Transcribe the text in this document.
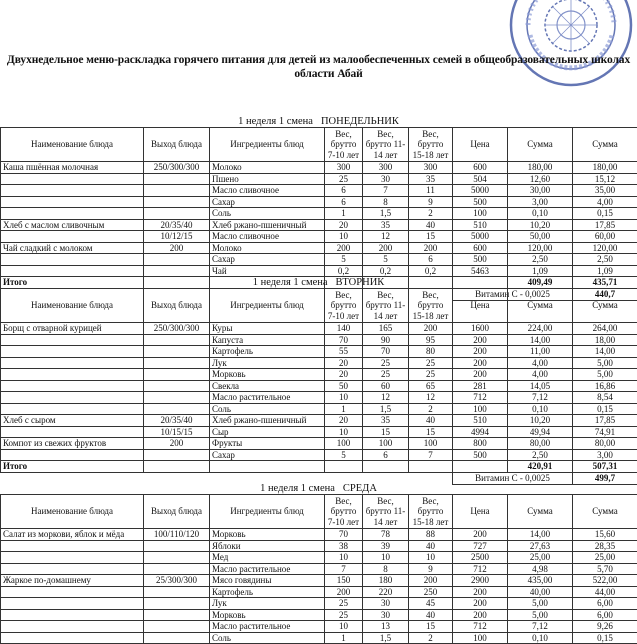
Двухнедельное меню-раскладка горячего питания для детей из малообеспеченных семей в общеобразовательных школах
области Абай
1 неделя 1 смена ПОНЕДЕЛЬНИК
Наименование блюда	Выход блюда	Ингредиенты блюд	Вес, брутто 7-10 лет	Вес, брутто 11-14 лет	Вес, брутто 15-18 лет	Цена	Сумма	Сумма
Каша пшённая молочная	250/300/300	Молоко	300	300	300	600	180,00	180,00
		Пшено	25	30	35	504	12,60	15,12
		Масло сливочное	6	7	11	5000	30,00	35,00
		Сахар	6	8	9	500	3,00	4,00
		Соль	1	1,5	2	100	0,10	0,15
Хлеб с маслом сливочным	20/35/40	Хлеб ржано-пшеничный	20	35	40	510	10,20	17,85
	10/12/15	Масло сливочное	10	12	15	5000	50,00	60,00
Чай сладкий с молоком	200	Молоко	200	200	200	600	120,00	120,00
		Сахар	5	5	6	500	2,50	2,50
		Чай	0,2	0,2	0,2	5463	1,09	1,09
Итого							409,49	435,71
						Витамин С - 0,0025		440,7
1 неделя 1 смена ВТОРНИК
Наименование блюда	Выход блюда	Ингредиенты блюд	Вес, брутто 7-10 лет	Вес, брутто 11-14 лет	Вес, брутто 15-18 лет	Цена	Сумма	Сумма
Борщ с отварной курицей	250/300/300	Куры	140	165	200	1600	224,00	264,00
		Капуста	70	90	95	200	14,00	18,00
		Картофель	55	70	80	200	11,00	14,00
		Лук	20	25	25	200	4,00	5,00
		Морковь	20	25	25	200	4,00	5,00
		Свекла	50	60	65	281	14,05	16,86
		Масло растительное	10	12	12	712	7,12	8,54
		Соль	1	1,5	2	100	0,10	0,15
Хлеб с сыром	20/35/40	Хлеб ржано-пшеничный	20	35	40	510	10,20	17,85
	10/15/15	Сыр	10	15	15	4994	49,94	74,91
Компот из свежих фруктов	200	Фрукты	100	100	100	800	80,00	80,00
		Сахар	5	6	7	500	2,50	3,00
Итого							420,91	507,31
						Витамин С - 0,0025		499,7
1 неделя 1 смена СРЕДА
Наименование блюда	Выход блюда	Ингредиенты блюд	Вес, брутто 7-10 лет	Вес, брутто 11-14 лет	Вес, брутто 15-18 лет	Цена	Сумма	Сумма
Салат из моркови, яблок и мёда	100/110/120	Морковь	70	78	88	200	14,00	15,60
		Яблоки	38	39	40	727	27,63	28,35
		Мед	10	10	10	2500	25,00	25,00
		Масло растительное	7	8	9	712	4,98	5,70
Жаркое по-домашнему	25/300/300	Мясо говядины	150	180	200	2900	435,00	522,00
		Картофель	200	220	250	200	40,00	44,00
		Лук	25	30	45	200	5,00	6,00
		Морковь	25	30	40	200	5,00	6,00
		Масло растительное	10	13	15	712	7,12	9,26
		Соль	1	1,5	2	100	0,10	0,15
